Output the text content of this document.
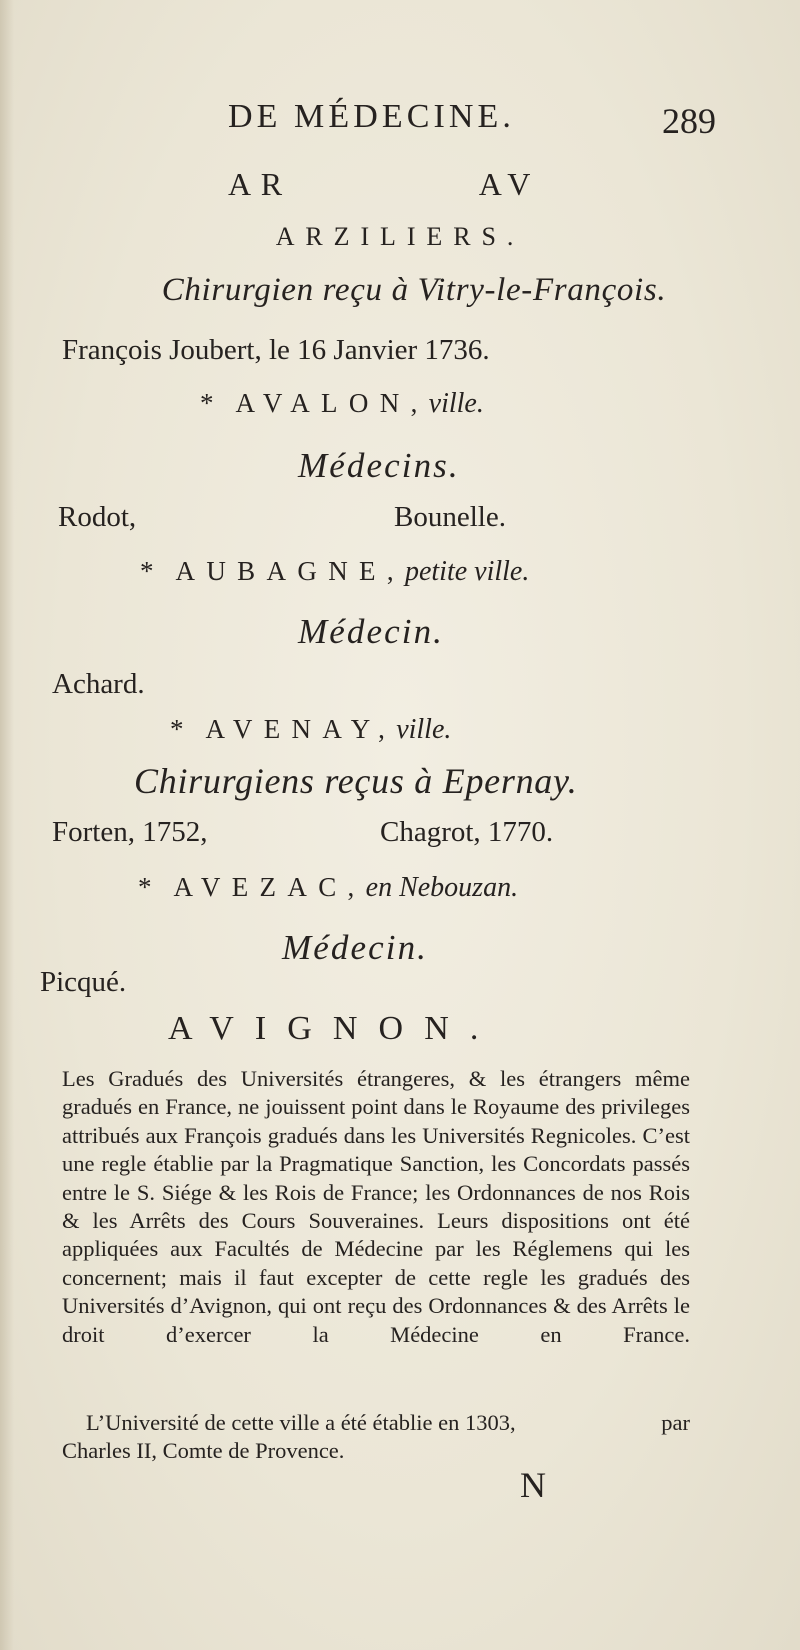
DE MÉDECINE.	289
AR	AV
ARZILIERS.
Chirurgien reçu à Vitry-le-François.
François Joubert, le 16 Janvier 1736.
* AVALON,ville.
Médecins.
Rodot,	Bounelle.
* AUBAGNE,petite ville.
Médecin.
Achard.
* AVENAY,ville.
Chirurgiens reçus à Epernay.
Forten, 1752,	Chagrot, 1770.
* AVEZAC,en Nebouzan.
Médecin.
Picqué.
AVIGNON.
Les Gradués des Universités étrangeres, & les étrangers même gradués en France, ne jouissent point dans le Royaume des privileges attribués aux François gradués dans les Universités Regnicoles. C’est une regle établie par la Pragmatique Sanction, les Concordats passés entre le S. Siége & les Rois de France; les Ordonnances de nos Rois & les Arrêts des Cours Souveraines. Leurs dispositions ont été appliquées aux Facultés de Médecine par les Réglemens qui les concernent; mais il faut excepter de cette regle les gradués des Universités d’Avignon, qui ont reçu des Ordonnances & des Arrêts le droit d’exercer la Médecine en France.
L’Université de cette ville a été établie en 1303,	par
Charles II, Comte de Provence.
N
